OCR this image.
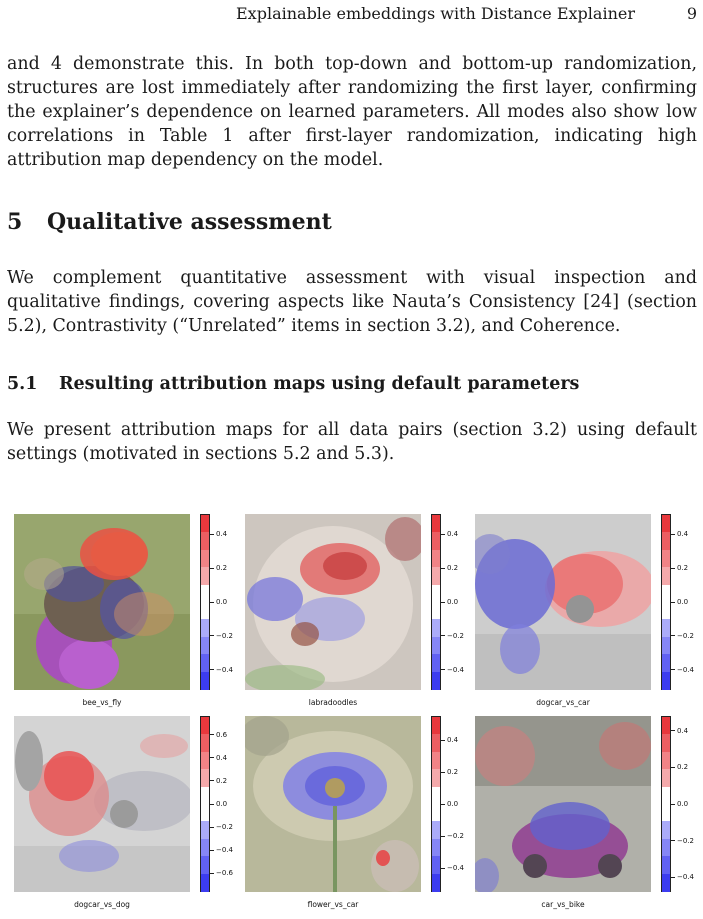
Explainable embeddings with Distance Explainer	9

and 4 demonstrate this. In both top-down and bottom-up randomization, structures are lost immediately after randomizing the first layer, confirming the explainer’s dependence on learned parameters. All modes also show low correlations in Table 1 after first-layer randomization, indicating high attribution map dependency on the model.

5 Qualitative assessment

We complement quantitative assessment with visual inspection and qualitative findings, covering aspects like Nauta’s Consistency [24] (section 5.2), Contrastivity (“Unrelated” items in section 3.2), and Coherence.

5.1 Resulting attribution maps using default parameters

We present attribution maps for all data pairs (section 3.2) using default settings (motivated in sections 5.2 and 5.3).

bee_vs_fly
0.4
0.2
0.0
−0.2
−0.4
labradoodles
0.4
0.2
0.0
−0.2
−0.4
dogcar_vs_car
0.4
0.2
0.0
−0.2
−0.4
dogcar_vs_dog
0.6
0.4
0.2
0.0
−0.2
−0.4
−0.6
flower_vs_car
0.4
0.2
0.0
−0.2
−0.4
car_vs_bike
0.4
0.2
0.0
−0.2
−0.4
